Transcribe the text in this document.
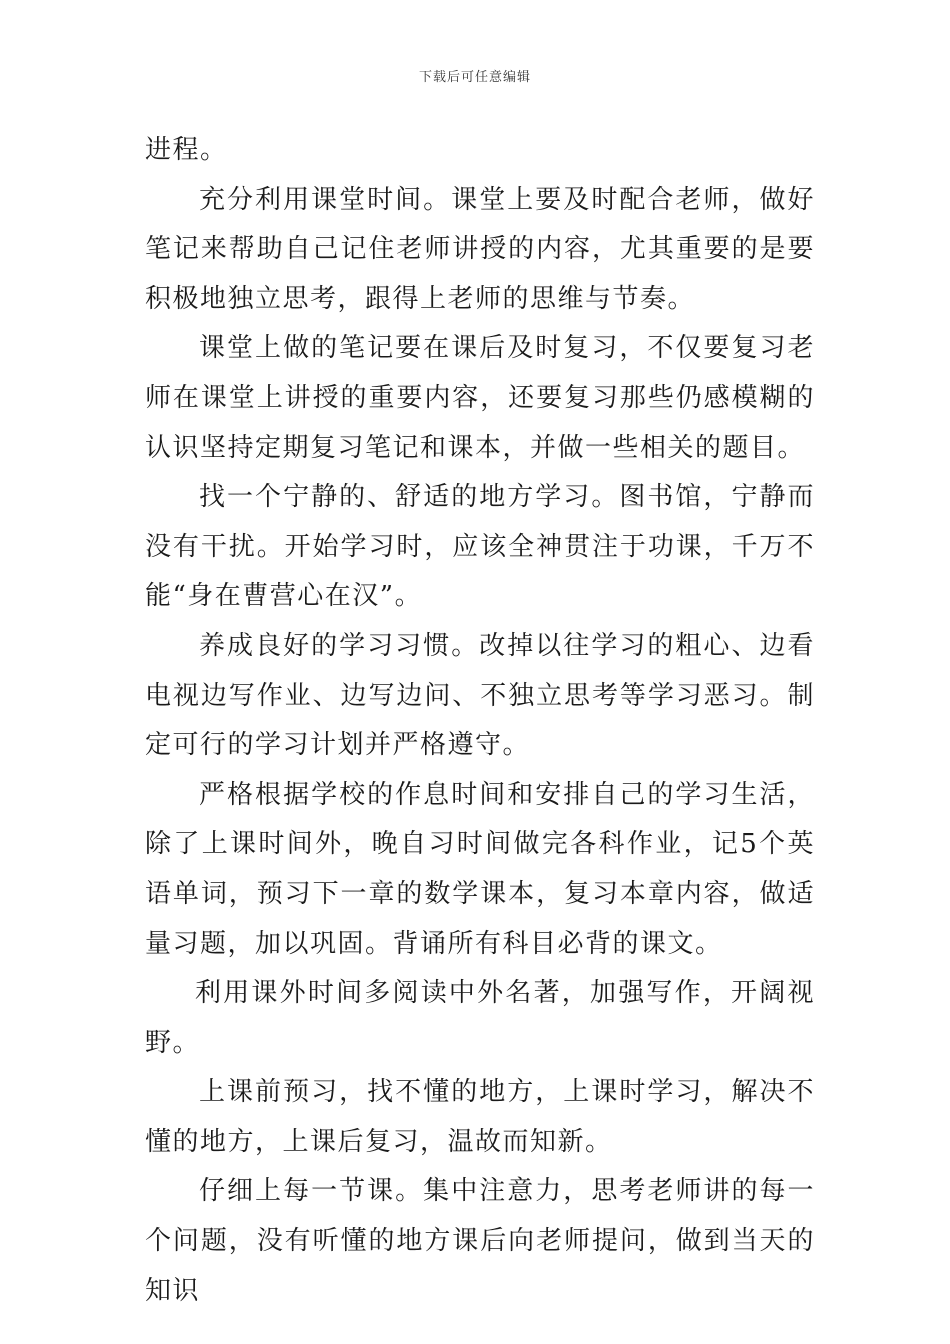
下载后可任意编辑

进程。

充分利用课堂时间。课堂上要及时配合老师，做好笔记来帮助自己记住老师讲授的内容，尤其重要的是要积极地独立思考，跟得上老师的思维与节奏。

课堂上做的笔记要在课后及时复习，不仅要复习老师在课堂上讲授的重要内容，还要复习那些仍感模糊的认识坚持定期复习笔记和课本，并做一些相关的题目。

找一个宁静的、舒适的地方学习。图书馆，宁静而没有干扰。开始学习时，应该全神贯注于功课，千万不能“身在曹营心在汉”。

养成良好的学习习惯。改掉以往学习的粗心、边看电视边写作业、边写边问、不独立思考等学习恶习。制定可行的学习计划并严格遵守。

严格根据学校的作息时间和安排自己的学习生活，除了上课时间外，晚自习时间做完各科作业，记5个英语单词，预习下一章的数学课本，复习本章内容，做适量习题，加以巩固。背诵所有科目必背的课文。

利用课外时间多阅读中外名著，加强写作，开阔视野。

上课前预习，找不懂的地方，上课时学习，解决不懂的地方，上课后复习，温故而知新。

仔细上每一节课。集中注意力，思考老师讲的每一个问题，没有听懂的地方课后向老师提问，做到当天的知识
